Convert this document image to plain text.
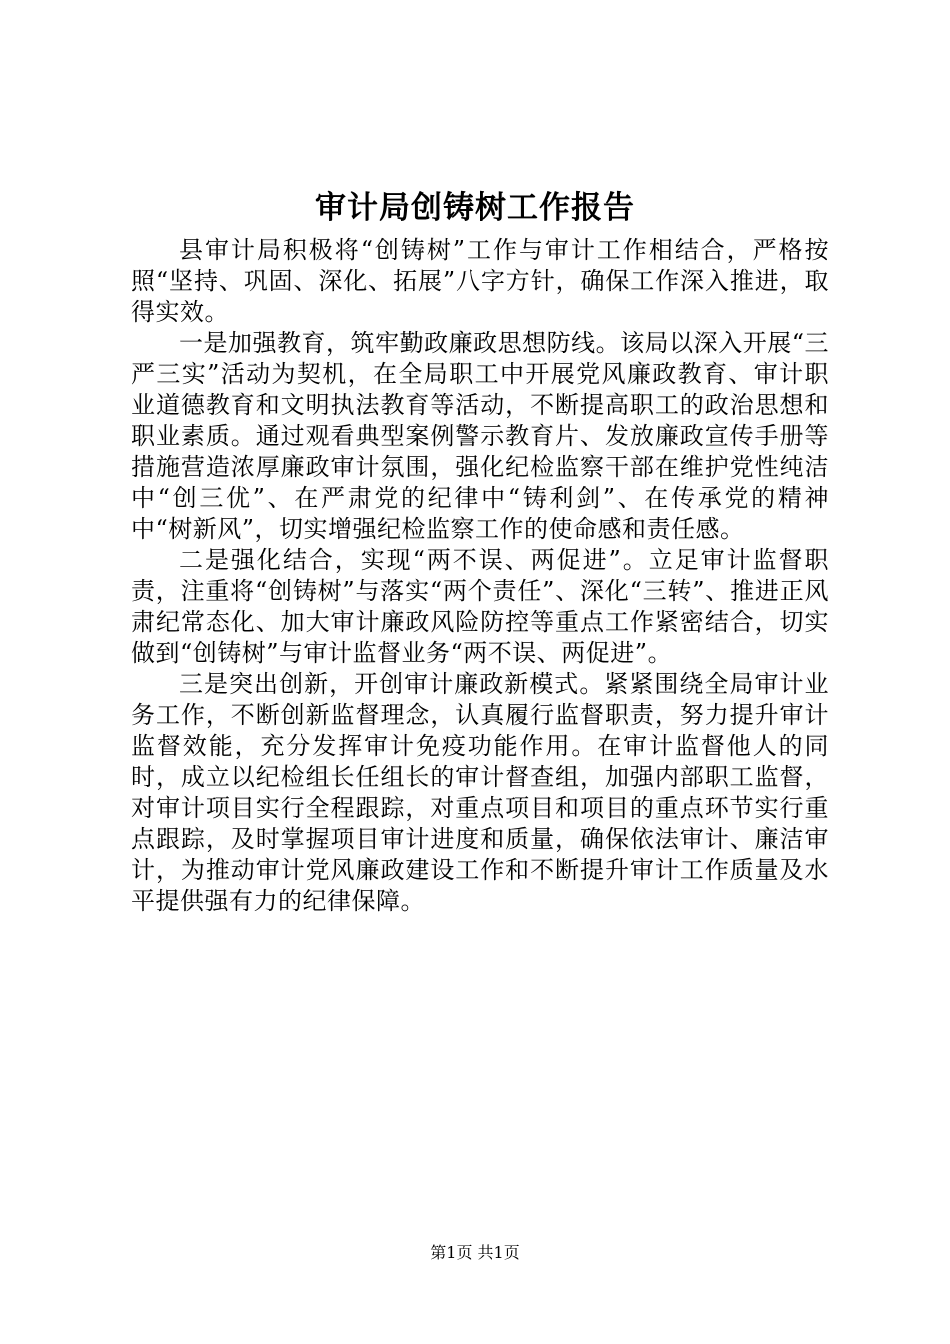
审计局创铸树工作报告

县审计局积极将“创铸树”工作与审计工作相结合，严格按照“坚持、巩固、深化、拓展”八字方针，确保工作深入推进，取得实效。

一是加强教育，筑牢勤政廉政思想防线。该局以深入开展“三严三实”活动为契机，在全局职工中开展党风廉政教育、审计职业道德教育和文明执法教育等活动，不断提高职工的政治思想和职业素质。通过观看典型案例警示教育片、发放廉政宣传手册等措施营造浓厚廉政审计氛围，强化纪检监察干部在维护党性纯洁中“创三优”、在严肃党的纪律中“铸利剑”、在传承党的精神中“树新风”，切实增强纪检监察工作的使命感和责任感。

二是强化结合，实现“两不误、两促进”。立足审计监督职责，注重将“创铸树”与落实“两个责任”、深化“三转”、推进正风肃纪常态化、加大审计廉政风险防控等重点工作紧密结合，切实做到“创铸树”与审计监督业务“两不误、两促进”。

三是突出创新，开创审计廉政新模式。紧紧围绕全局审计业务工作，不断创新监督理念，认真履行监督职责，努力提升审计监督效能，充分发挥审计免疫功能作用。在审计监督他人的同时，成立以纪检组长任组长的审计督查组，加强内部职工监督，对审计项目实行全程跟踪，对重点项目和项目的重点环节实行重点跟踪，及时掌握项目审计进度和质量，确保依法审计、廉洁审计，为推动审计党风廉政建设工作和不断提升审计工作质量及水平提供强有力的纪律保障。

第1页 共1页
